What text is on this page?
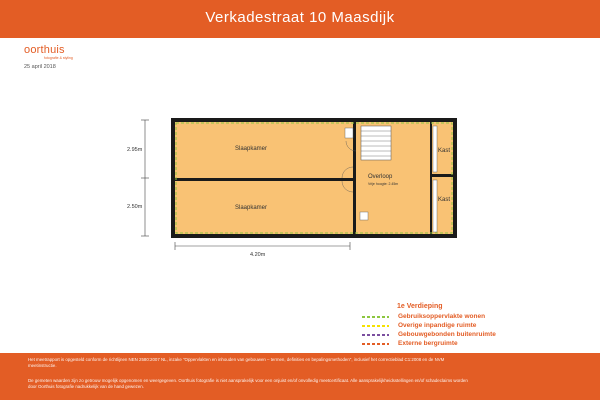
Verkadestraat 10 Maasdijk
oorthuis
fotografie & styling
25 april 2018
2.95m
2.50m
4.20m
Slaapkamer
Slaapkamer
Overloop
Vrije hoogte: 2.45m
Kast
Kast
1e Verdieping
Gebruiksoppervlakte wonen
Overige inpandige ruimte
Gebouwgebonden buitenruimte
Externe bergruimte

Het meetrapport is opgesteld conform de richtlijnen NEN 2580:2007 NL, inzake "Oppervlakten en inhouden van gebouwen – termen, definities en bepalingsmethoden", inclusief het correctieblad C1:2008 en de NVM meetinstructie.

De gemeten waarden zijn zo getrouw mogelijk opgenomen en weergegeven. Oorthuis fotografie is niet aansprakelijk voor een onjuist en/of onvolledig meetcertificaat. Alle aansprakelijkheidsstellingen en/of schadeclaims worden door Oorthuis fotografie nadrukkelijk van de hand gewezen.
